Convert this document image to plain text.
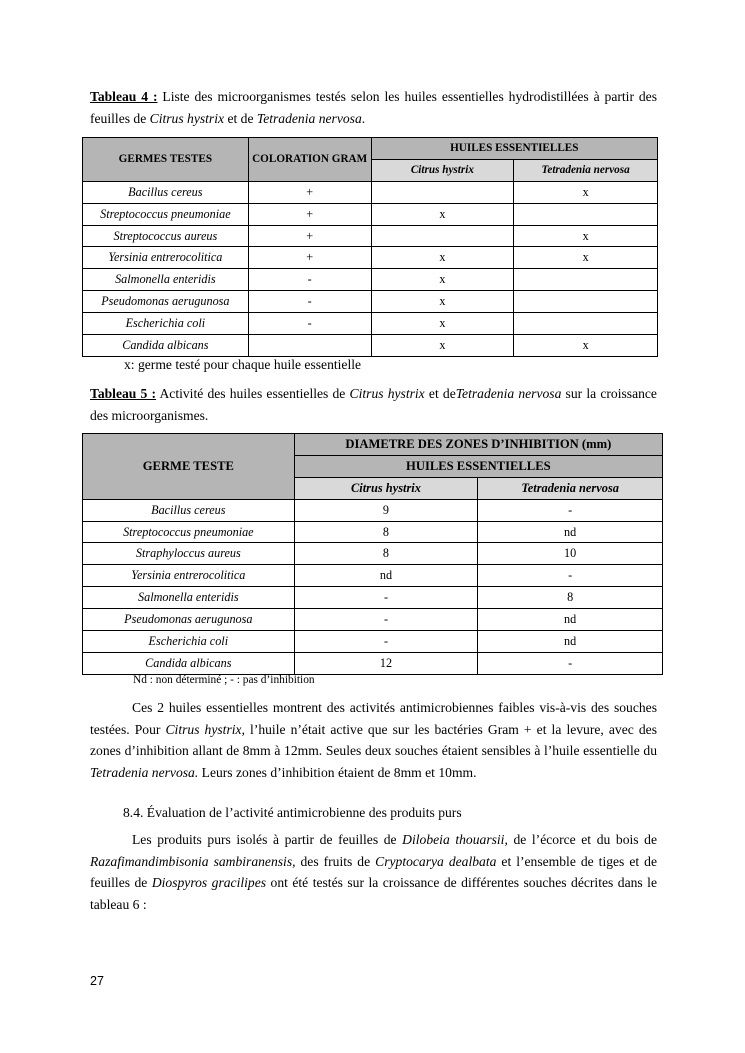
Tableau 4 : Liste des microorganismes testés selon les huiles essentielles hydrodistillées à partir des feuilles de Citrus hystrix et de Tetradenia nervosa.
GERMES TESTES	COLORATION GRAM	HUILES ESSENTIELLES	
		Citrus hystrix	Tetradenia nervosa
Bacillus cereus	+		x
Streptococcus pneumoniae	+	x	
Streptococcus aureus	+		x
Yersinia entrerocolitica	+	x	x
Salmonella enteridis	-	x	
Pseudomonas aerugunosa	-	x	
Escherichia coli	-	x	
Candida albicans		x	x
x: germe testé pour chaque huile essentielle
Tableau 5 : Activité des huiles essentielles de Citrus hystrix et deTetradenia nervosa sur la croissance des microorganismes.
GERME TESTE	DIAMETRE DES ZONES D’INHIBITION (mm)	
	HUILES ESSENTIELLES	
	Citrus hystrix	Tetradenia nervosa
Bacillus cereus	9	-
Streptococcus pneumoniae	8	nd
Straphyloccus aureus	8	10
Yersinia entrerocolitica	nd	-
Salmonella enteridis	-	8
Pseudomonas aerugunosa	-	nd
Escherichia coli	-	nd
Candida albicans	12	-
Nd : non déterminé ; - : pas d’inhibition
Ces 2 huiles essentielles montrent des activités antimicrobiennes faibles vis-à-vis des souches testées. Pour Citrus hystrix, l’huile n’était active que sur les bactéries Gram + et la levure, avec des zones d’inhibition allant de 8mm à 12mm. Seules deux souches étaient sensibles à l’huile essentielle du Tetradenia nervosa. Leurs zones d’inhibition étaient de 8mm et 10mm.
8.4. Évaluation de l’activité antimicrobienne des produits purs
Les produits purs isolés à partir de feuilles de Dilobeia thouarsii, de l’écorce et du bois de Razafimandimbisonia sambiranensis, des fruits de Cryptocarya dealbata et l’ensemble de tiges et de feuilles de Diospyros gracilipes ont été testés sur la croissance de différentes souches décrites dans le tableau 6 :
27
